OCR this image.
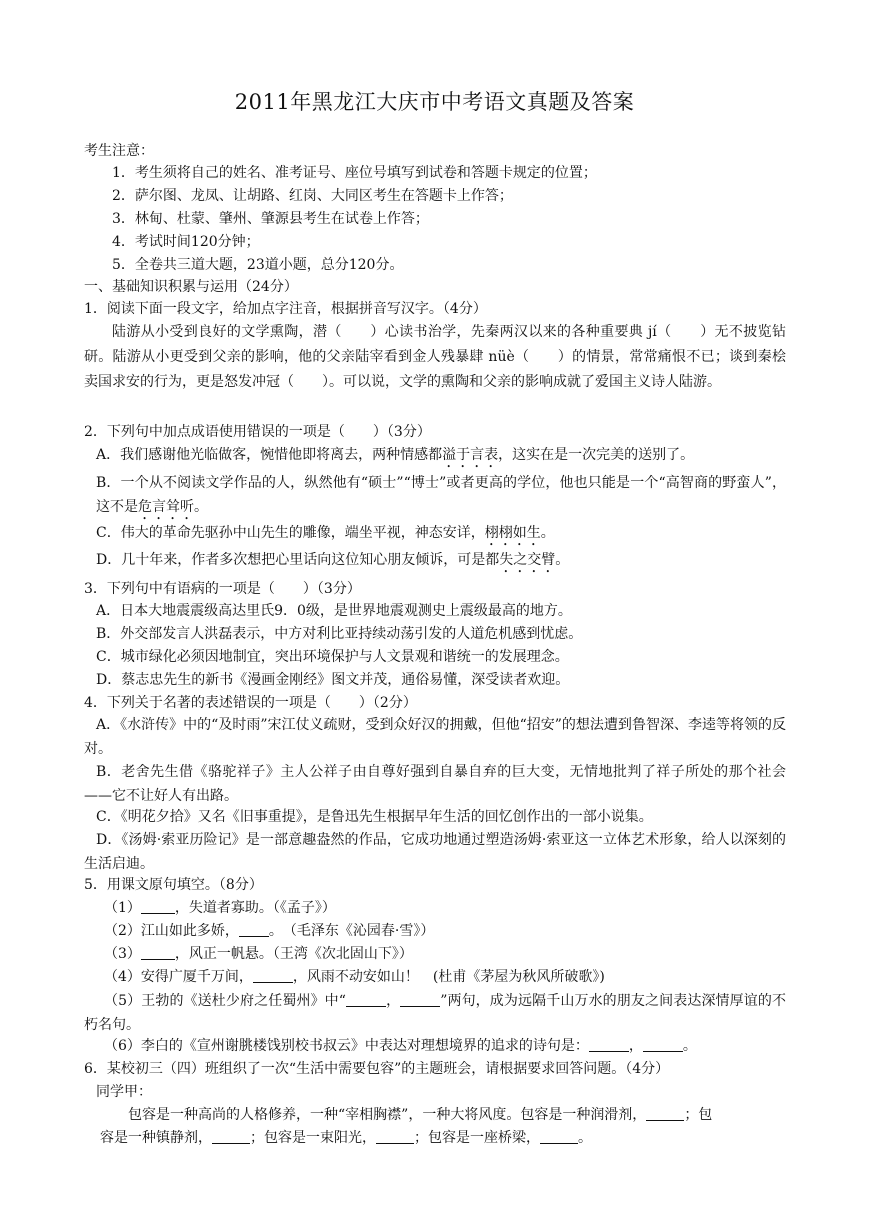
2011年黑龙江大庆市中考语文真题及答案
考生注意：
1．考生须将自己的姓名、准考证号、座位号填写到试卷和答题卡规定的位置；
2．萨尔图、龙凤、让胡路、红岗、大同区考生在答题卡上作答；
3．林甸、杜蒙、肇州、肇源县考生在试卷上作答；
4．考试时间120分钟；
5．全卷共三道大题，23道小题，总分120分。
一、基础知识积累与运用（24分）
1．阅读下面一段文字，给加点字注音，根据拼音写汉字。（4分）
陆游从小受到良好的文学熏陶，潜（　　）心读书治学，先秦两汉以来的各种重要典 jí（　　）无不披览钻研。陆游从小更受到父亲的影响，他的父亲陆宰看到金人残暴肆 nüè（　　）的情景，常常痛恨不已；谈到秦桧卖国求安的行为，更是怒发冲冠（　　）。可以说，文学的熏陶和父亲的影响成就了爱国主义诗人陆游。
2．下列句中加点成语使用错误的一项是（　　）（3分）
A．我们感谢他光临做客，惋惜他即将离去，两种情感都溢于言表，这实在是一次完美的送别了。
B．一个从不阅读文学作品的人，纵然他有“硕士”“博士”或者更高的学位，他也只能是一个“高智商的野蛮人”，这不是危言耸听。
C．伟大的革命先驱孙中山先生的雕像，端坐平视，神态安详，栩栩如生。
D．几十年来，作者多次想把心里话向这位知心朋友倾诉，可是都失之交臂。
3．下列句中有语病的一项是（　　）（3分）
A．日本大地震震级高达里氏9．0级，是世界地震观测史上震级最高的地方。
B．外交部发言人洪磊表示，中方对利比亚持续动荡引发的人道危机感到忧虑。
C．城市绿化必须因地制宜，突出环境保护与人文景观和谐统一的发展理念。
D．蔡志忠先生的新书《漫画金刚经》图文并茂，通俗易懂，深受读者欢迎。
4．下列关于名著的表述错误的一项是（　　）（2分）
A．《水浒传》中的“及时雨”宋江仗义疏财，受到众好汉的拥戴，但他“招安”的想法遭到鲁智深、李逵等将领的反对。
B．老舍先生借《骆驼祥子》主人公祥子由自尊好强到自暴自弃的巨大变，无情地批判了祥子所处的那个社会——它不让好人有出路。
C．《明花夕拾》又名《旧事重提》，是鲁迅先生根据早年生活的回忆创作出的一部小说集。
D．《汤姆·索亚历险记》是一部意趣盎然的作品，它成功地通过塑造汤姆·索亚这一立体艺术形象，给人以深刻的生活启迪。
5．用课文原句填空。（8分）
（1） ，失道者寡助。（《孟子》）
（2）江山如此多娇， 。　（毛泽东《沁园春·雪》）
（3） ，风正一帆悬。（王湾《次北固山下》）
（4）安得广厦千万间，	，风雨不动安如山！　(杜甫《茅屋为秋风所破歌》)
（5）王勃的《送杜少府之任蜀州》中“	，	”两句，成为远隔千山万水的朋友之间表达深情厚谊的不朽名句。
（6）李白的《宣州谢朓楼饯别校书叔云》中表达对理想境界的追求的诗句是：	，	。
6．某校初三（四）班组织了一次“生活中需要包容”的主题班会，请根据要求回答问题。（4分）
同学甲：
包容是一种高尚的人格修养，一种“宰相胸襟”，一种大将风度。包容是一种润滑剂，	；包
容是一种镇静剂，	；包容是一束阳光，	；包容是一座桥梁，	。
